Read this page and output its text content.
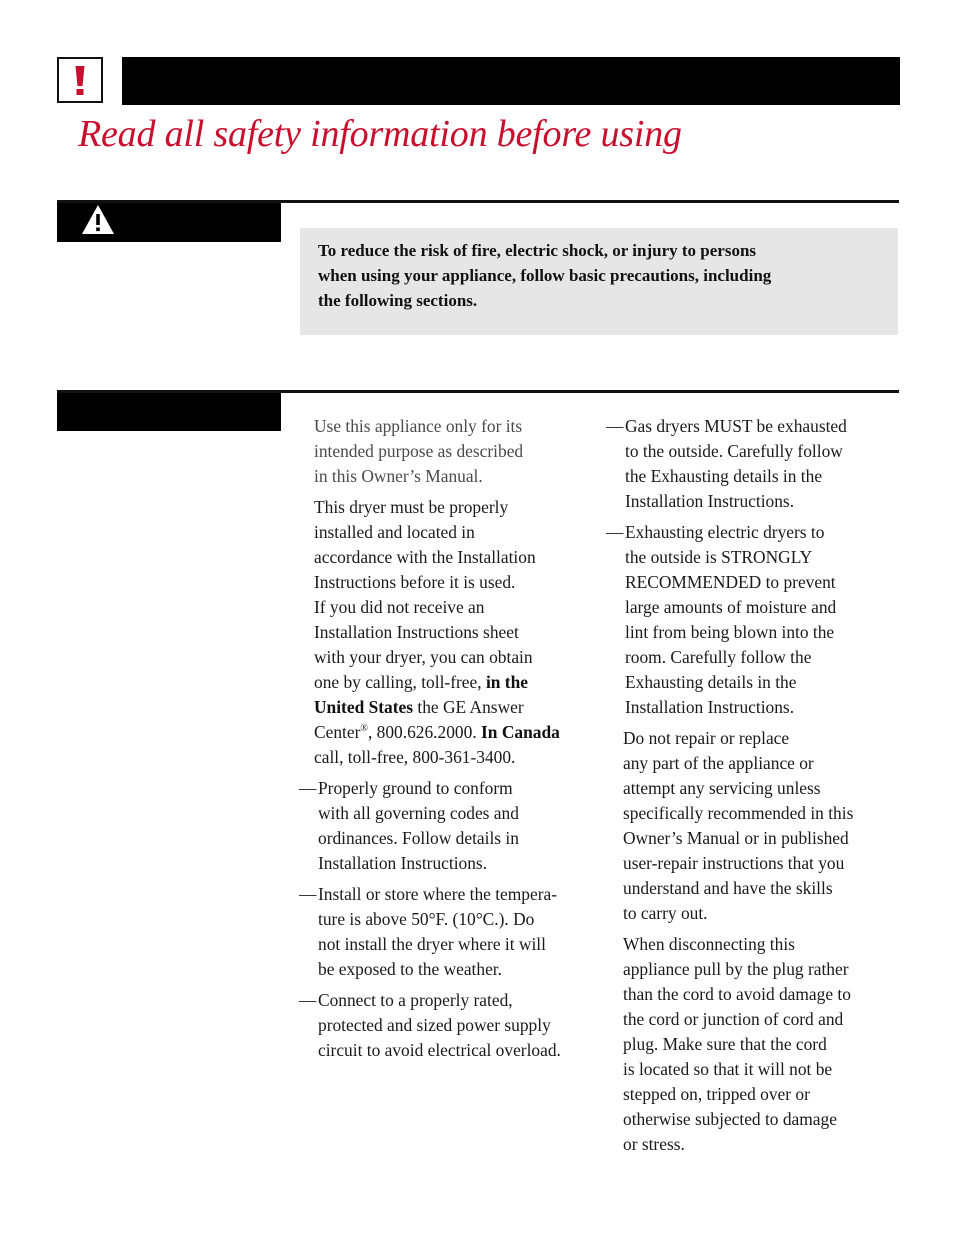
Read all safety information before using
To reduce the risk of fire, electric shock, or injury to persons
when using your appliance, follow basic precautions, including
the following sections.

Use this appliance only for its

intended purpose as described

in this Owner’s Manual.

This dryer must be properly

installed and located in

accordance with the Installation

Instructions before it is used.

If you did not receive an

Installation Instructions sheet

with your dryer, you can obtain

one by calling, toll-free, in the

United States the GE Answer

Center®, 800.626.2000. In Canada

call, toll-free, 800-361-3400.

— Properly ground to conform

with all governing codes and

ordinances. Follow details in

Installation Instructions.

— Install or store where the tempera-

ture is above 50°F. (10°C.). Do

not install the dryer where it will

be exposed to the weather.

— Connect to a properly rated,

protected and sized power supply

circuit to avoid electrical overload.

— Gas dryers MUST be exhausted

to the outside. Carefully follow

the Exhausting details in the

Installation Instructions.

— Exhausting electric dryers to

the outside is STRONGLY

RECOMMENDED to prevent

large amounts of moisture and

lint from being blown into the

room. Carefully follow the

Exhausting details in the

Installation Instructions.

Do not repair or replace

any part of the appliance or

attempt any servicing unless

specifically recommended in this

Owner’s Manual or in published

user-repair instructions that you

understand and have the skills

to carry out.

When disconnecting this

appliance pull by the plug rather

than the cord to avoid damage to

the cord or junction of cord and

plug. Make sure that the cord

is located so that it will not be

stepped on, tripped over or

otherwise subjected to damage

or stress.
